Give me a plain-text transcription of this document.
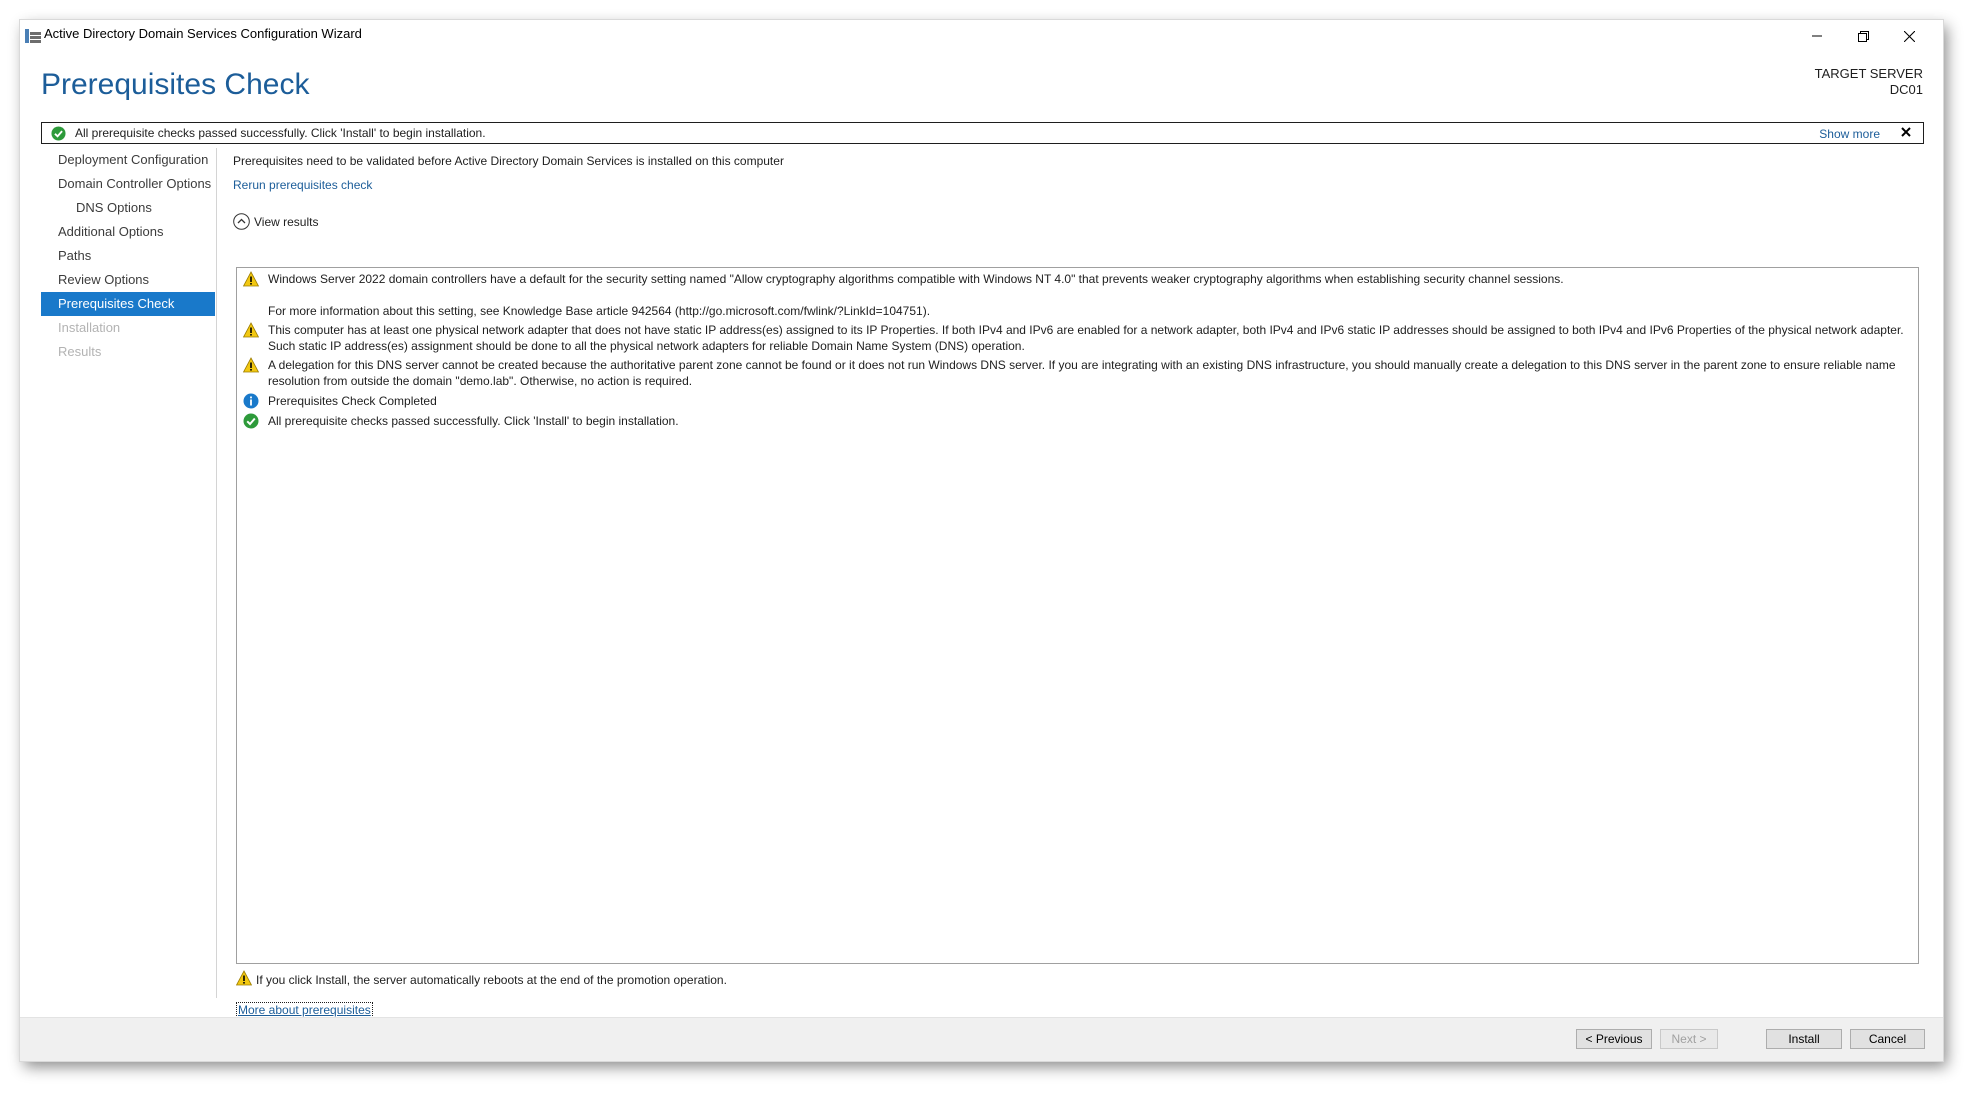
Active Directory Domain Services Configuration Wizard
Prerequisites Check	TARGET SERVER
DC01
All prerequisite checks passed successfully. Click 'Install' to begin installation.	Show more
Deployment Configuration
Domain Controller Options
DNS Options
Additional Options
Paths
Review Options
Prerequisites Check
Installation
Results
Prerequisites need to be validated before Active Directory Domain Services is installed on this computer
Rerun prerequisites check
View results
Windows Server 2022 domain controllers have a default for the security setting named "Allow cryptography algorithms compatible with Windows NT 4.0" that prevents weaker cryptography algorithms when establishing security channel sessions.
For more information about this setting, see Knowledge Base article 942564 (http://go.microsoft.com/fwlink/?LinkId=104751).
This computer has at least one physical network adapter that does not have static IP address(es) assigned to its IP Properties. If both IPv4 and IPv6 are enabled for a network adapter, both IPv4 and IPv6 static IP addresses should be assigned to both IPv4 and IPv6 Properties of the physical network adapter. Such static IP address(es) assignment should be done to all the physical network adapters for reliable Domain Name System (DNS) operation.
A delegation for this DNS server cannot be created because the authoritative parent zone cannot be found or it does not run Windows DNS server. If you are integrating with an existing DNS infrastructure, you should manually create a delegation to this DNS server in the parent zone to ensure reliable name resolution from outside the domain "demo.lab". Otherwise, no action is required.
Prerequisites Check Completed
All prerequisite checks passed successfully. Click 'Install' to begin installation.
If you click Install, the server automatically reboots at the end of the promotion operation.
More about prerequisites
< Previous	Next >	Install	Cancel
